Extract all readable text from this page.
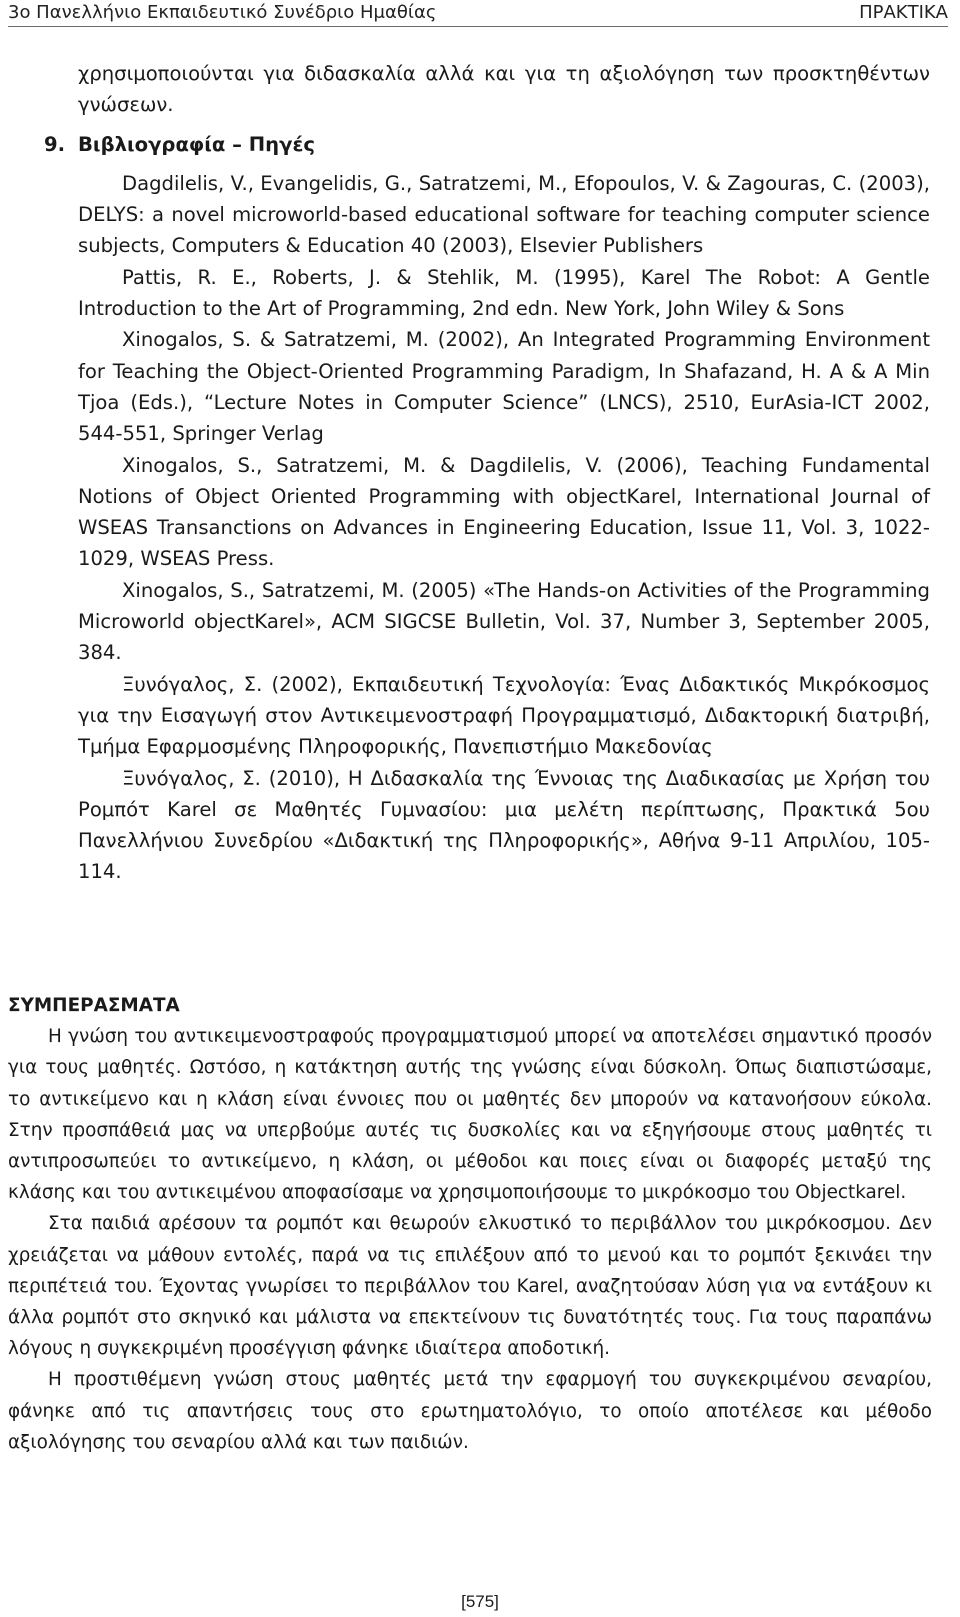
3ο Πανελλήνιο Εκπαιδευτικό Συνέδριο Ημαθίας	ΠΡΑΚΤΙΚΑ

χρησιμοποιούνται για διδασκαλία αλλά και για τη αξιολόγηση των προσκτηθέντων γνώσεων.

9. Βιβλιογραφία – Πηγές

Dagdilelis, V., Evangelidis, G., Satratzemi, M., Efopoulos, V. & Zagouras, C. (2003), DELYS: a novel microworld-based educational software for teaching computer science subjects, Computers & Education 40 (2003), Elsevier Publishers

Pattis, R. E., Roberts, J. & Stehlik, M. (1995), Karel The Robot: A Gentle Introduction to the Art of Programming, 2nd edn. New York, John Wiley & Sons

Xinogalos, S. & Satratzemi, M. (2002), An Integrated Programming Environment for Teaching the Object-Oriented Programming Paradigm, In Shafazand, H. A & A Min Tjoa (Eds.), “Lecture Notes in Computer Science” (LNCS), 2510, EurAsia-ICT 2002, 544-551, Springer Verlag

Xinogalos, S., Satratzemi, M. & Dagdilelis, V. (2006), Teaching Fundamental Notions of Object Oriented Programming with objectKarel, International Journal of WSEAS Transanctions on Advances in Engineering Education, Issue 11, Vol. 3, 1022-1029, WSEAS Press.

Xinogalos, S., Satratzemi, M. (2005) «The Hands-on Activities of the Programming Microworld objectKarel», ACM SIGCSE Bulletin, Vol. 37, Number 3, September 2005, 384.

Ξυνόγαλος, Σ. (2002), Εκπαιδευτική Τεχνολογία: Ένας Διδακτικός Μικρόκοσμος για την Εισαγωγή στον Αντικειμενοστραφή Προγραμματισμό, Διδακτορική διατριβή, Τμήμα Εφαρμοσμένης Πληροφορικής, Πανεπιστήμιο Μακεδονίας

Ξυνόγαλος, Σ. (2010), Η Διδασκαλία της Έννοιας της Διαδικασίας με Χρήση του Ρομπότ Karel σε Μαθητές Γυμνασίου: μια μελέτη περίπτωσης, Πρακτικά 5ου Πανελλήνιου Συνεδρίου «Διδακτική της Πληροφορικής», Αθήνα 9-11 Απριλίου, 105-114.

ΣΥΜΠΕΡΑΣΜΑΤΑ

Η γνώση του αντικειμενοστραφούς προγραμματισμού μπορεί να αποτελέσει σημαντικό προσόν για τους μαθητές. Ωστόσο, η κατάκτηση αυτής της γνώσης είναι δύσκολη. Όπως διαπιστώσαμε, το αντικείμενο και η κλάση είναι έννοιες που οι μαθητές δεν μπορούν να κατανοήσουν εύκολα. Στην προσπάθειά μας να υπερβούμε αυτές τις δυσκολίες και να εξηγήσουμε στους μαθητές τι αντιπροσωπεύει το αντικείμενο, η κλάση, οι μέθοδοι και ποιες είναι οι διαφορές μεταξύ της κλάσης και του αντικειμένου αποφασίσαμε να χρησιμοποιήσουμε το μικρόκοσμο του Objectkarel.

Στα παιδιά αρέσουν τα ρομπότ και θεωρούν ελκυστικό το περιβάλλον του μικρόκοσμου. Δεν χρειάζεται να μάθουν εντολές, παρά να τις επιλέξουν από το μενού και το ρομπότ ξεκινάει την περιπέτειά του. Έχοντας γνωρίσει το περιβάλλον του Karel, αναζητούσαν λύση για να εντάξουν κι άλλα ρομπότ στο σκηνικό και μάλιστα να επεκτείνουν τις δυνατότητές τους. Για τους παραπάνω λόγους η συγκεκριμένη προσέγγιση φάνηκε ιδιαίτερα αποδοτική.

Η προστιθέμενη γνώση στους μαθητές μετά την εφαρμογή του συγκεκριμένου σεναρίου, φάνηκε από τις απαντήσεις τους στο ερωτηματολόγιο, το οποίο αποτέλεσε και μέθοδο αξιολόγησης του σεναρίου αλλά και των παιδιών.

[575]
